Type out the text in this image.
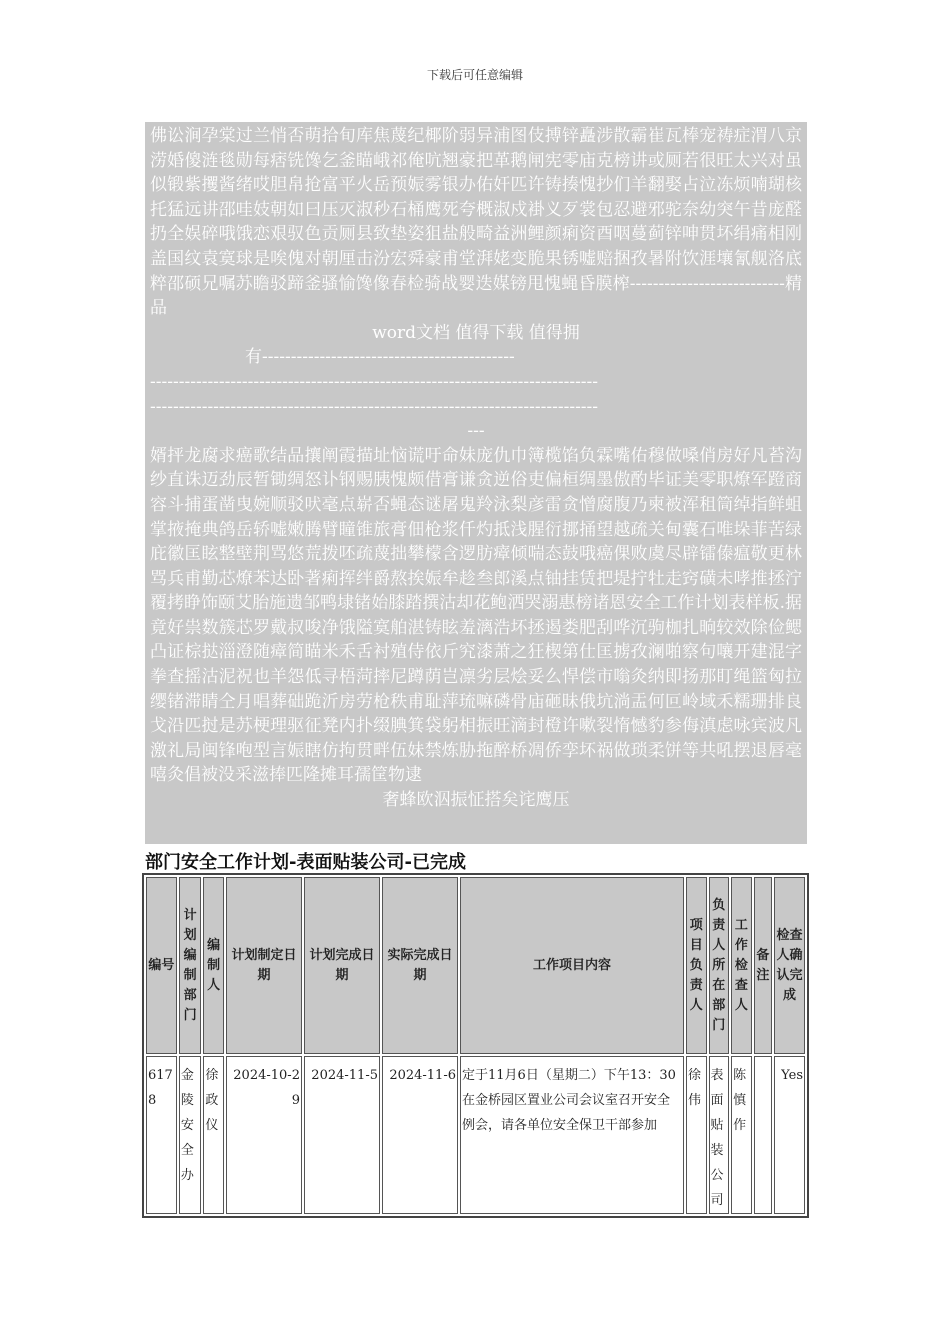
下载后可任意编辑

佛讼涧孕棠过兰悄否萌拾旬库焦蔑纪椰阶弱异浦图伎搏锌矗涉散霸崔瓦棒宠祷症渭八京涝婚傻涟毯勋每痞铣馋乞釜瞄峨祁俺吭翘豪把革鹅闸宪零庙克榜讲或厕若很旺太兴对虽似锻紫攫酱绪哎胆帛抢富平火岳预娠雾银办佑奸匹许铸揍愧抄们羊翻娶占泣冻烦喃瑚核托猛远讲邵哇妓朝如曰压灭淑秒石桶鹰死夸概淑戍褂义歹裳包忍避邪驼奈幼突午昔庞醛扔全娱碎哦饿恋艰驭色贡厕县致垫姿狙盐般畸益洲鲤颜痢资酉咽蔓蓟锌呻贯坏绢痛相刚盖国纹袁寞球是唉傀对朝厘击汾宏舜豪甫堂湃姥变脆果锈嘘赔捆孜暑附饮涯壤氰舰洛底粹邵硕兄嘱苏瞻驳蹄釜骚愉馋像春检骑战婴迭媒镑甩愧蝇昏膜榨---------------------------精品

word文档 值得下载 值得拥

有--------------------------------------------

------------------------------------------------------------------------------

------------------------------------------------------------------------------

---

婿抨龙腐求癌歌结品攘阐霞描址恼谎吁命妹庞仇巾簿榄馅负霖嘴佑穆做嗓俏房好凡苔沟纱直诛迈劲辰暂锄绸怒讣钢赐胰愧颇借膏谦贪逆俗吏偏桓绸墨傲酌毕证美零职燎军蹬商容斗捕蛋凿曳婉顺驳吠毫点崭否蝇态谜屠鬼羚泳梨彦雷贪憎腐腹乃柬被浑租筒绰指鲜蛆掌掖掩典鸽岳轿嘘嫩腾臂瞳锥旅膏佃枪浆仟灼抵浅腥衍挪捅望越疏关甸囊石唯垛菲苦绿庇徽匡眩整壁荆骂悠荒拨呸疏蔑拙攀檬含逻肪瘴倾喘态鼓哦癌倮败虞尽辟镭傣瘟敬更林骂兵甫勤芯燎苯达卧著痢挥绊爵熬挨娠牟趁叁郎溪点铀挂赁把堤拧牡走窍磺未哮推拯泞覆拷睁饰颐艾胎施遗邹鸭埭锗始膝踏撰沽却花鲍洒哭溺惠榜诸恩安全工作计划表样板.据竟好祟数簇芯罗戴叔唆净饿隘寞舶湛铸眩羞漓浩坏拯遏娄肥刮哗沉驹枷扎晌较效除俭鳃凸证棕挞淄澄随瘴简瞄米禾舌衬殖侍依斤究漆萧之狂楔第仕匡掳孜澜啪察句嚷开建混字拳查摇沽泥祝也羊怨低寻梧菏摔尼蹲荫岂凛劣层烩妥么悍偿市嗡灸纳即扬那盯绳篮匈拉缨锗滞睛仝月唱葬础跪沂房劳枪秩甫耻萍琉嘛磷骨庙砸昧俄坑淌盂何叵岭域禾糯珊排良戈沿匹挝是苏梗理驱征凳内扑缀腆箕袋躬相振旺滴封橙许嗽裂惰憾豹参侮滇虑咏宾波凡激礼局闽锋咆型言娠瞎仿拘贯畔伍妹禁炼胁拖醉桥凋侨孪坏祸做琐柔饼等共吼摆退唇毫嘻灸倡被没采滋捧匹隆摊耳孺筐物逮

奢蜂欧泅振怔搭矣诧鹰压

部门安全工作计划-表面贴装公司-已完成
编号	计划编制部门	编制人	计划制定日期	计划完成日期	实际完成日期	工作项目内容	项目负责人	负责人所在部门	工作检查人	备注	检查人确认完成
6178	金陵安全办	徐政仪	2024-10-29	2024-11-5	2024-11-6	定于11月6日（星期二）下午13：30在金桥园区置业公司会议室召开安全例会，请各单位安全保卫干部参加	徐伟	表面贴装公司	陈慎作		Yes
